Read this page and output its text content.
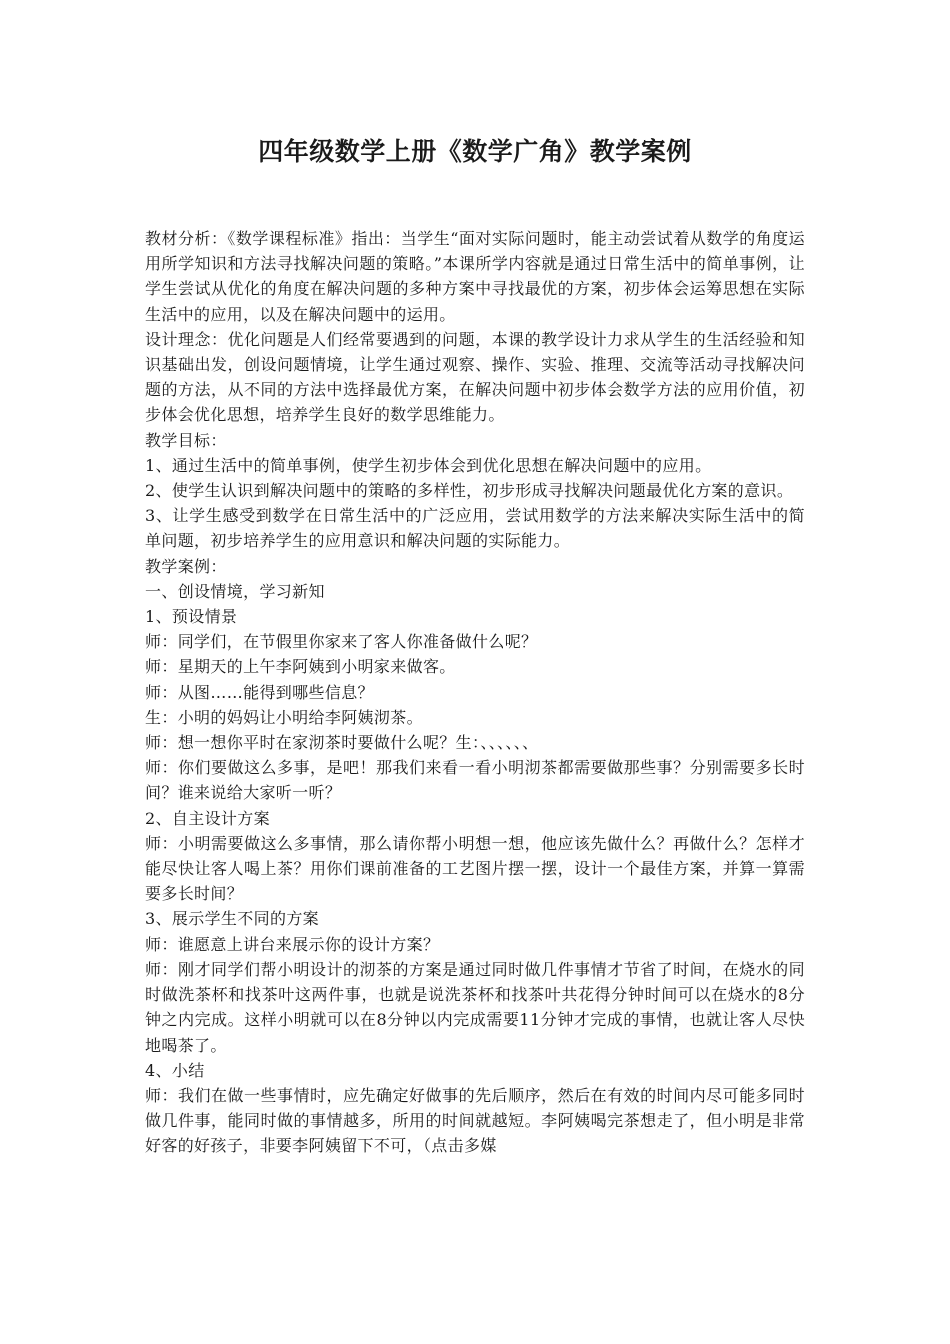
四年级数学上册《数学广角》教学案例

教材分析：《数学课程标准》指出：当学生“面对实际问题时，能主动尝试着从数学的角度运用所学知识和方法寻找解决问题的策略。”本课所学内容就是通过日常生活中的简单事例，让学生尝试从优化的角度在解决问题的多种方案中寻找最优的方案，初步体会运筹思想在实际生活中的应用，以及在解决问题中的运用。

设计理念：优化问题是人们经常要遇到的问题，本课的教学设计力求从学生的生活经验和知识基础出发，创设问题情境，让学生通过观察、操作、实验、推理、交流等活动寻找解决问题的方法，从不同的方法中选择最优方案，在解决问题中初步体会数学方法的应用价值，初步体会优化思想，培养学生良好的数学思维能力。

教学目标：

1、通过生活中的简单事例，使学生初步体会到优化思想在解决问题中的应用。

2、使学生认识到解决问题中的策略的多样性，初步形成寻找解决问题最优化方案的意识。

3、让学生感受到数学在日常生活中的广泛应用，尝试用数学的方法来解决实际生活中的简单问题，初步培养学生的应用意识和解决问题的实际能力。

教学案例：

一、创设情境，学习新知

1、预设情景

师：同学们，在节假里你家来了客人你准备做什么呢？

师：星期天的上午李阿姨到小明家来做客。

师：从图……能得到哪些信息？

生：小明的妈妈让小明给李阿姨沏茶。

师：想一想你平时在家沏茶时要做什么呢？生：、、、、、、

师：你们要做这么多事，是吧！那我们来看一看小明沏茶都需要做那些事？分别需要多长时间？谁来说给大家听一听？

2、自主设计方案

师：小明需要做这么多事情，那么请你帮小明想一想，他应该先做什么？再做什么？怎样才能尽快让客人喝上茶？用你们课前准备的工艺图片摆一摆，设计一个最佳方案，并算一算需要多长时间？

3、展示学生不同的方案

师：谁愿意上讲台来展示你的设计方案？

师：刚才同学们帮小明设计的沏茶的方案是通过同时做几件事情才节省了时间，在烧水的同时做洗茶杯和找茶叶这两件事，也就是说洗茶杯和找茶叶共花得分钟时间可以在烧水的8分钟之内完成。这样小明就可以在8分钟以内完成需要11分钟才完成的事情，也就让客人尽快地喝茶了。

4、小结

师：我们在做一些事情时，应先确定好做事的先后顺序，然后在有效的时间内尽可能多同时做几件事，能同时做的事情越多，所用的时间就越短。李阿姨喝完茶想走了，但小明是非常好客的好孩子，非要李阿姨留下不可，（点击多媒
